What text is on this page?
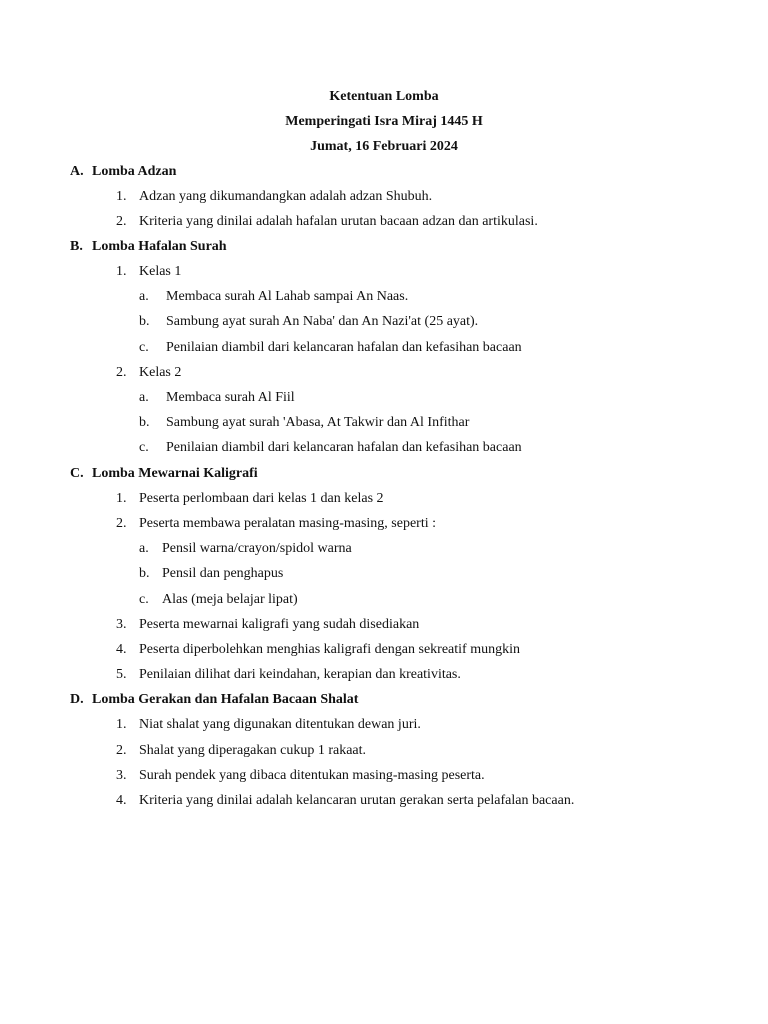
Ketentuan Lomba
Memperingati Isra Miraj 1445 H
Jumat, 16 Februari 2024
A. Lomba Adzan
1. Adzan yang dikumandangkan adalah adzan Shubuh.
2. Kriteria yang dinilai adalah hafalan urutan bacaan adzan dan artikulasi.
B. Lomba Hafalan Surah
1. Kelas 1
a. Membaca surah Al Lahab sampai An Naas.
b. Sambung ayat surah An Naba' dan An Nazi'at (25 ayat).
c. Penilaian diambil dari kelancaran hafalan dan kefasihan bacaan
2. Kelas 2
a. Membaca surah Al Fiil
b. Sambung ayat surah 'Abasa, At Takwir dan Al Infithar
c. Penilaian diambil dari kelancaran hafalan dan kefasihan bacaan
C. Lomba Mewarnai Kaligrafi
1. Peserta perlombaan dari kelas 1 dan kelas 2
2. Peserta membawa peralatan masing-masing, seperti :
a. Pensil warna/crayon/spidol warna
b. Pensil dan penghapus
c. Alas (meja belajar lipat)
3. Peserta mewarnai kaligrafi yang sudah disediakan
4. Peserta diperbolehkan menghias kaligrafi dengan sekreatif mungkin
5. Penilaian dilihat dari keindahan, kerapian dan kreativitas.
D. Lomba Gerakan dan Hafalan Bacaan Shalat
1. Niat shalat yang digunakan ditentukan dewan juri.
2. Shalat yang diperagakan cukup 1 rakaat.
3. Surah pendek yang dibaca ditentukan masing-masing peserta.
4. Kriteria yang dinilai adalah kelancaran urutan gerakan serta pelafalan bacaan.
